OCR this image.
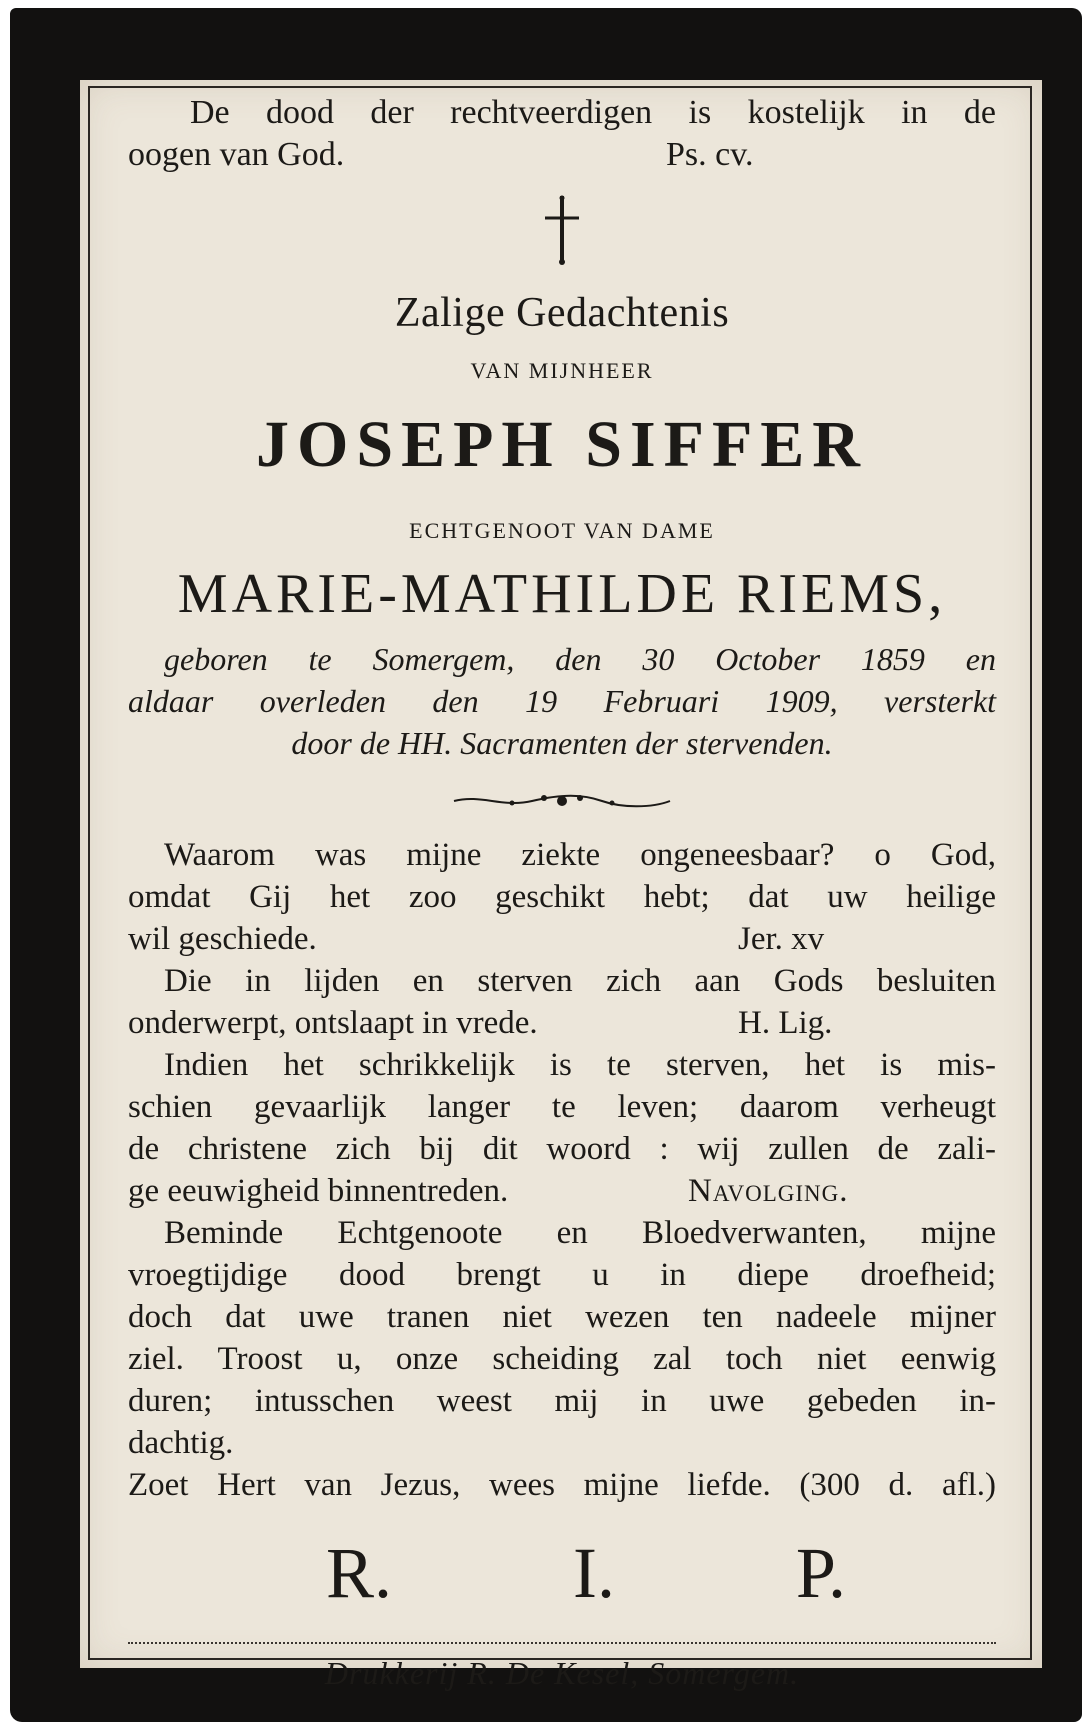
De dood der rechtveerdigen is kostelijk in de
oogen van God.	Ps. cv.
Zalige Gedachtenis
VAN MIJNHEER
JOSEPH SIFFER
ECHTGENOOT VAN DAME
MARIE-MATHILDE RIEMS,
geboren te Somergem, den 30 October 1859 en
aldaar overleden den 19 Februari 1909, versterkt
door de HH. Sacramenten der stervenden.
Waarom was mijne ziekte ongeneesbaar? o God,
omdat Gij het zoo geschikt hebt; dat uw heilige
wil geschiede.	Jer. xv
Die in lijden en sterven zich aan Gods besluiten
onderwerpt, ontslaapt in vrede.	H. Lig.
Indien het schrikkelijk is te sterven, het is mis-
schien gevaarlijk langer te leven; daarom verheugt
de christene zich bij dit woord : wij zullen de zali-
ge eeuwigheid binnentreden.	Navolging.
Beminde Echtgenoote en Bloedverwanten, mijne
vroegtijdige dood brengt u in diepe droefheid;
doch dat uwe tranen niet wezen ten nadeele mijner
ziel. Troost u, onze scheiding zal toch niet eenwig
duren; intusschen weest mij in uwe gebeden in-
dachtig.
Zoet Hert van Jezus, wees mijne liefde. (300 d. afl.)
R.	I.	P.
Drukkerij R. De Kesel, Somergem.
